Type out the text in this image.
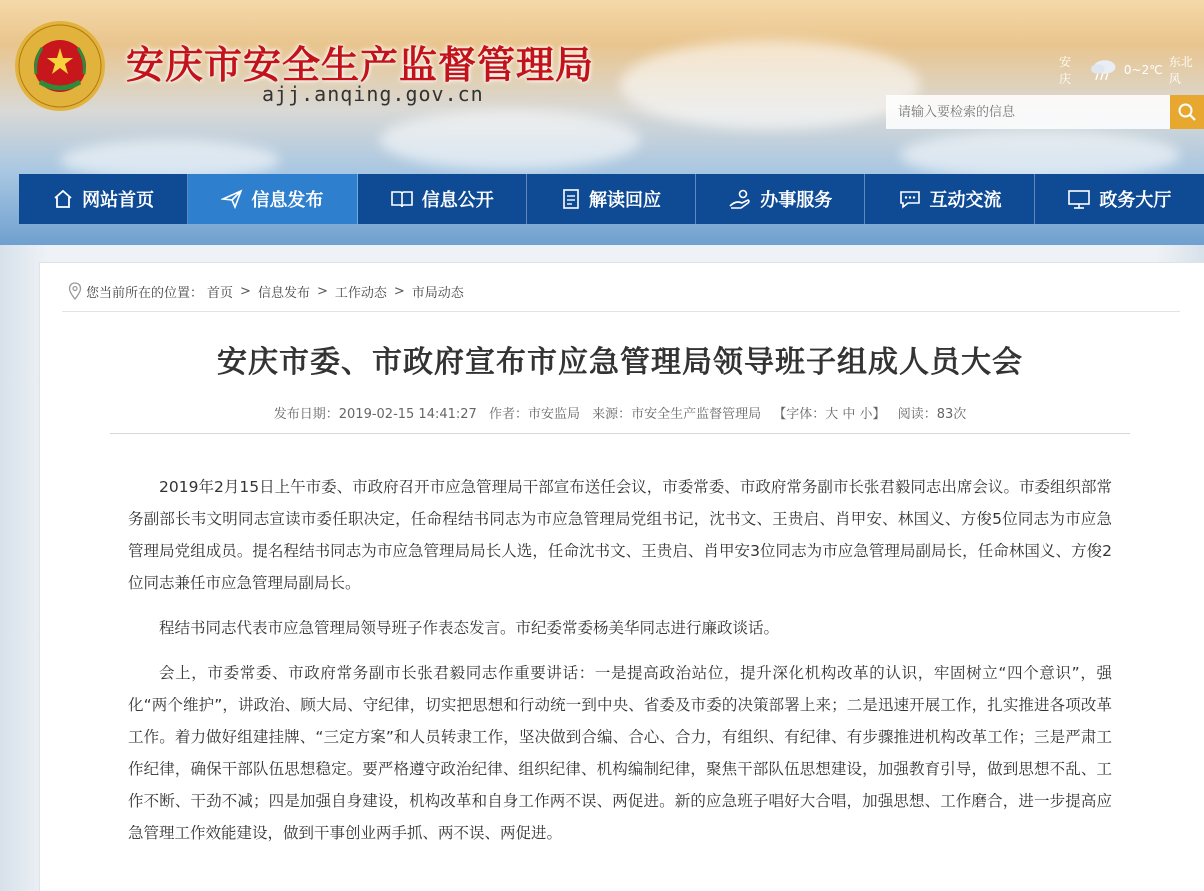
安庆市安全生产监督管理局
ajj.anqing.gov.cn
安庆
0~2℃
东北风
请输入要检索的信息
网站首页	信息发布	信息公开	解读回应	办事服务	互动交流	政务大厅
您当前所在的位置： 首页 > 信息发布 > 工作动态 > 市局动态
安庆市委、市政府宣布市应急管理局领导班子组成人员大会
发布日期：2019-02-15 14:41:27 作者：市安监局 来源：市安全生产监督管理局 【字体：大 中 小】 阅读：83次

2019年2月15日上午市委、市政府召开市应急管理局干部宣布送任会议，市委常委、市政府常务副市长张君毅同志出席会议。市委组织部常务副部长韦文明同志宣读市委任职决定，任命程结书同志为市应急管理局党组书记，沈书文、王贵启、肖甲安、林国义、方俊5位同志为市应急管理局党组成员。提名程结书同志为市应急管理局局长人选，任命沈书文、王贵启、肖甲安3位同志为市应急管理局副局长，任命林国义、方俊2位同志兼任市应急管理局副局长。

程结书同志代表市应急管理局领导班子作表态发言。市纪委常委杨美华同志进行廉政谈话。

会上，市委常委、市政府常务副市长张君毅同志作重要讲话：一是提高政治站位，提升深化机构改革的认识，牢固树立“四个意识”，强化“两个维护”，讲政治、顾大局、守纪律，切实把思想和行动统一到中央、省委及市委的决策部署上来；二是迅速开展工作，扎实推进各项改革工作。着力做好组建挂牌、“三定方案”和人员转隶工作，坚决做到合编、合心、合力，有组织、有纪律、有步骤推进机构改革工作；三是严肃工作纪律，确保干部队伍思想稳定。要严格遵守政治纪律、组织纪律、机构编制纪律，聚焦干部队伍思想建设，加强教育引导，做到思想不乱、工作不断、干劲不减；四是加强自身建设，机构改革和自身工作两不误、两促进。新的应急班子唱好大合唱，加强思想、工作磨合，进一步提高应急管理工作效能建设，做到干事创业两手抓、两不误、两促进。
